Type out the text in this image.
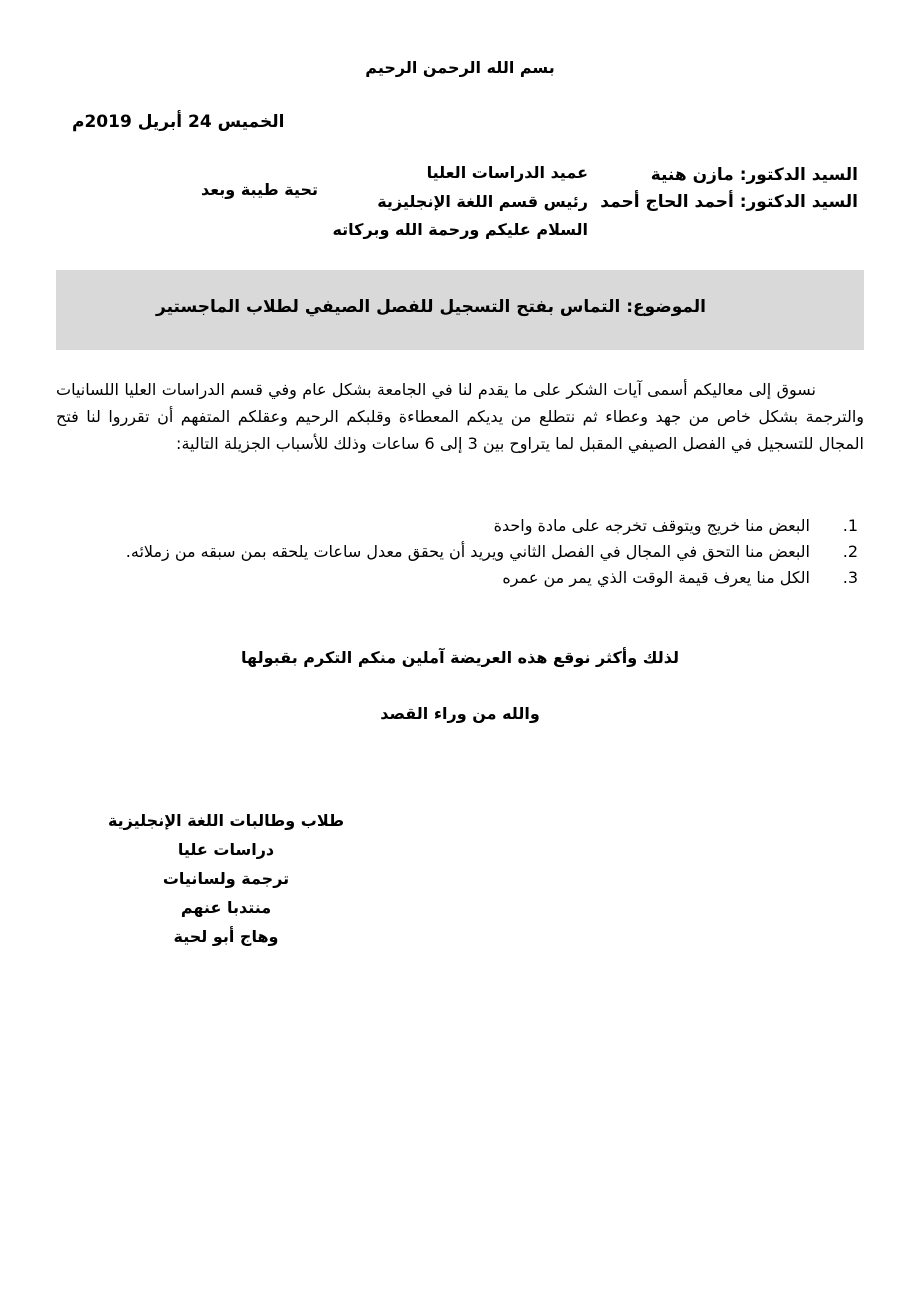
بسم الله الرحمن الرحيم
الخميس 24 أبريل 2019م
السيد الدكتور: مازن هنية
السيد الدكتور: أحمد الحاج أحمد
عميد الدراسات العليا
رئيس قسم اللغة الإنجليزية
السلام عليكم ورحمة الله وبركاته
تحية طيبة وبعد
الموضوع: التماس بفتح التسجيل للفصل الصيفي لطلاب الماجستير
نسوق إلى معاليكم أسمى آيات الشكر على ما يقدم لنا في الجامعة بشكل عام وفي قسم الدراسات العليا اللسانيات والترجمة بشكل خاص من جهد وعطاء ثم نتطلع من يديكم المعطاءة وقلبكم الرحيم وعقلكم المتفهم أن تقرروا لنا فتح المجال للتسجيل في الفصل الصيفي المقبل لما يتراوح بين 3 إلى 6 ساعات وذلك للأسباب الجزيلة التالية:
1.
البعض منا خريج ويتوقف تخرجه على مادة واحدة
2.
البعض منا التحق في المجال في الفصل الثاني ويريد أن يحقق معدل ساعات يلحقه بمن سبقه من زملائه.
3.
الكل منا يعرف قيمة الوقت الذي يمر من عمره
لذلك وأكثر نوقع هذه العريضة آملين منكم التكرم بقبولها
والله من وراء القصد
طلاب وطالبات اللغة الإنجليزية
دراسات عليا
ترجمة ولسانيات
منتدبا عنهم
وهاج أبو لحية
